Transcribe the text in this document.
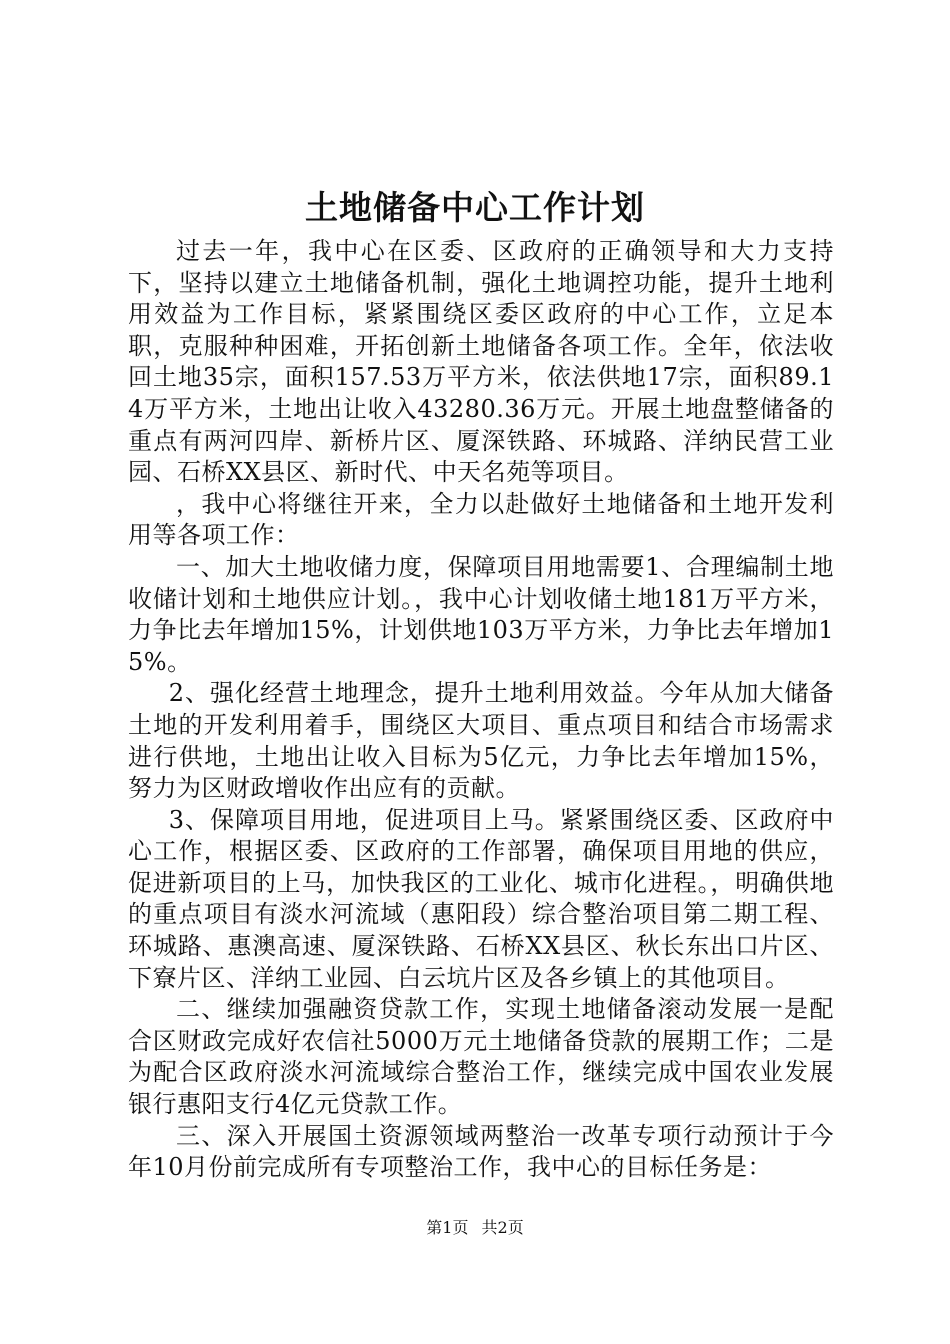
土地储备中心工作计划

过去一年，我中心在区委、区政府的正确领导和大力支持下，坚持以建立土地储备机制，强化土地调控功能，提升土地利用效益为工作目标，紧紧围绕区委区政府的中心工作，立足本职，克服种种困难，开拓创新土地储备各项工作。全年，依法收回土地35宗，面积157.53万平方米，依法供地17宗，面积89.14万平方米，土地出让收入43280.36万元。开展土地盘整储备的重点有两河四岸、新桥片区、厦深铁路、环城路、洋纳民营工业园、石桥XX县区、新时代、中天名苑等项目。

，我中心将继往开来，全力以赴做好土地储备和土地开发利用等各项工作：

一、加大土地收储力度，保障项目用地需要1、合理编制土地收储计划和土地供应计划。，我中心计划收储土地181万平方米，力争比去年增加15%，计划供地103万平方米，力争比去年增加15%。

2、强化经营土地理念，提升土地利用效益。今年从加大储备土地的开发利用着手，围绕区大项目、重点项目和结合市场需求进行供地，土地出让收入目标为5亿元，力争比去年增加15%，努力为区财政增收作出应有的贡献。

3、保障项目用地，促进项目上马。紧紧围绕区委、区政府中心工作，根据区委、区政府的工作部署，确保项目用地的供应，促进新项目的上马，加快我区的工业化、城市化进程。，明确供地的重点项目有淡水河流域（惠阳段）综合整治项目第二期工程、环城路、惠澳高速、厦深铁路、石桥XX县区、秋长东出口片区、下寮片区、洋纳工业园、白云坑片区及各乡镇上的其他项目。

二、继续加强融资贷款工作，实现土地储备滚动发展一是配合区财政完成好农信社5000万元土地储备贷款的展期工作；二是为配合区政府淡水河流域综合整治工作，继续完成中国农业发展银行惠阳支行4亿元贷款工作。

三、深入开展国土资源领域两整治一改革专项行动预计于今年10月份前完成所有专项整治工作，我中心的目标任务是：

第1页 共2页
